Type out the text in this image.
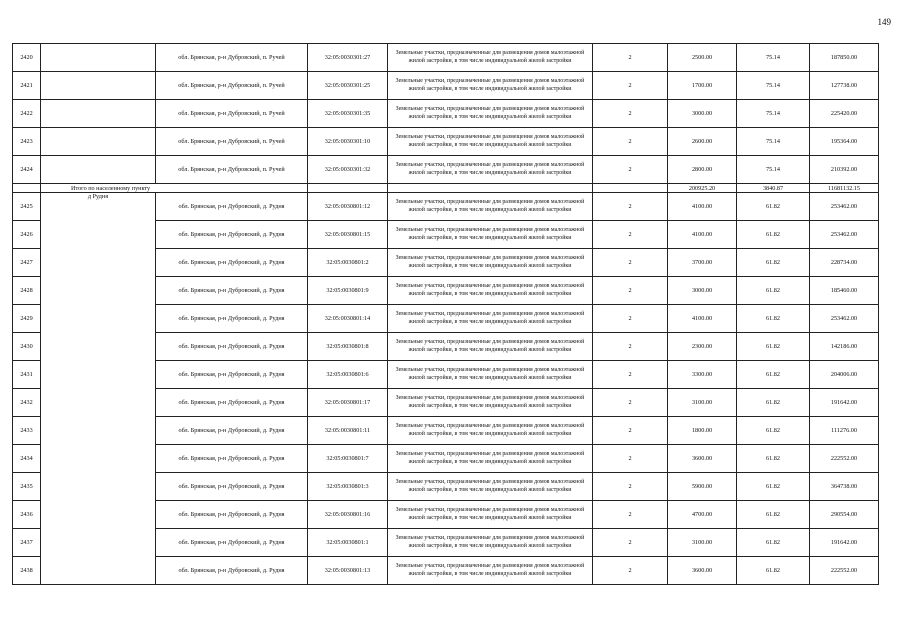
149
2420		обл. Брянская, р-н Дубровский, п. Ручей	32:05:0030301:27	Земельные участки, предназначенные для размещения домов малоэтажной жилой застройки, в том числе индивидуальной жилой застройки	2	2500.00	75.14	187850.00
2421		обл. Брянская, р-н Дубровский, п. Ручей	32:05:0030301:25	Земельные участки, предназначенные для размещения домов малоэтажной жилой застройки, в том числе индивидуальной жилой застройки	2	1700.00	75.14	127738.00
2422		обл. Брянская, р-н Дубровский, п. Ручей	32:05:0030301:35	Земельные участки, предназначенные для размещения домов малоэтажной жилой застройки, в том числе индивидуальной жилой застройки	2	3000.00	75.14	225420.00
2423		обл. Брянская, р-н Дубровский, п. Ручей	32:05:0030301:10	Земельные участки, предназначенные для размещения домов малоэтажной жилой застройки, в том числе индивидуальной жилой застройки	2	2600.00	75.14	195364.00
2424		обл. Брянская, р-н Дубровский, п. Ручей	32:05:0030301:32	Земельные участки, предназначенные для размещения домов малоэтажной жилой застройки, в том числе индивидуальной жилой застройки	2	2800.00	75.14	210392.00
	Итого по населенному пункту					200925.20	3840.87	11681132.15
2425	д Рудня	обл. Брянская, р-н Дубровский, д. Рудня	32:05:0030801:12	Земельные участки, предназначенные для размещения домов малоэтажной жилой застройки, в том числе индивидуальной жилой застройки	2	4100.00	61.82	253462.00
2426		обл. Брянская, р-н Дубровский, д. Рудня	32:05:0030801:15	Земельные участки, предназначенные для размещения домов малоэтажной жилой застройки, в том числе индивидуальной жилой застройки	2	4100.00	61.82	253462.00
2427		обл. Брянская, р-н Дубровский, д. Рудня	32:05:0030801:2	Земельные участки, предназначенные для размещения домов малоэтажной жилой застройки, в том числе индивидуальной жилой застройки	2	3700.00	61.82	228734.00
2428		обл. Брянская, р-н Дубровский, д. Рудня	32:05:0030801:9	Земельные участки, предназначенные для размещения домов малоэтажной жилой застройки, в том числе индивидуальной жилой застройки	2	3000.00	61.82	185460.00
2429		обл. Брянская, р-н Дубровский, д. Рудня	32:05:0030801:14	Земельные участки, предназначенные для размещения домов малоэтажной жилой застройки, в том числе индивидуальной жилой застройки	2	4100.00	61.82	253462.00
2430		обл. Брянская, р-н Дубровский, д. Рудня	32:05:0030801:8	Земельные участки, предназначенные для размещения домов малоэтажной жилой застройки, в том числе индивидуальной жилой застройки	2	2300.00	61.82	142186.00
2431		обл. Брянская, р-н Дубровский, д. Рудня	32:05:0030801:6	Земельные участки, предназначенные для размещения домов малоэтажной жилой застройки, в том числе индивидуальной жилой застройки	2	3300.00	61.82	204006.00
2432		обл. Брянская, р-н Дубровский, д. Рудня	32:05:0030801:17	Земельные участки, предназначенные для размещения домов малоэтажной жилой застройки, в том числе индивидуальной жилой застройки	2	3100.00	61.82	191642.00
2433		обл. Брянская, р-н Дубровский, д. Рудня	32:05:0030801:11	Земельные участки, предназначенные для размещения домов малоэтажной жилой застройки, в том числе индивидуальной жилой застройки	2	1800.00	61.82	111276.00
2434		обл. Брянская, р-н Дубровский, д. Рудня	32:05:0030801:7	Земельные участки, предназначенные для размещения домов малоэтажной жилой застройки, в том числе индивидуальной жилой застройки	2	3600.00	61.82	222552.00
2435		обл. Брянская, р-н Дубровский, д. Рудня	32:05:0030801:3	Земельные участки, предназначенные для размещения домов малоэтажной жилой застройки, в том числе индивидуальной жилой застройки	2	5900.00	61.82	364738.00
2436		обл. Брянская, р-н Дубровский, д. Рудня	32:05:0030801:16	Земельные участки, предназначенные для размещения домов малоэтажной жилой застройки, в том числе индивидуальной жилой застройки	2	4700.00	61.82	290554.00
2437		обл. Брянская, р-н Дубровский, д. Рудня	32:05:0030801:1	Земельные участки, предназначенные для размещения домов малоэтажной жилой застройки, в том числе индивидуальной жилой застройки	2	3100.00	61.82	191642.00
2438		обл. Брянская, р-н Дубровский, д. Рудня	32:05:0030801:13	Земельные участки, предназначенные для размещения домов малоэтажной жилой застройки, в том числе индивидуальной жилой застройки	2	3600.00	61.82	222552.00
